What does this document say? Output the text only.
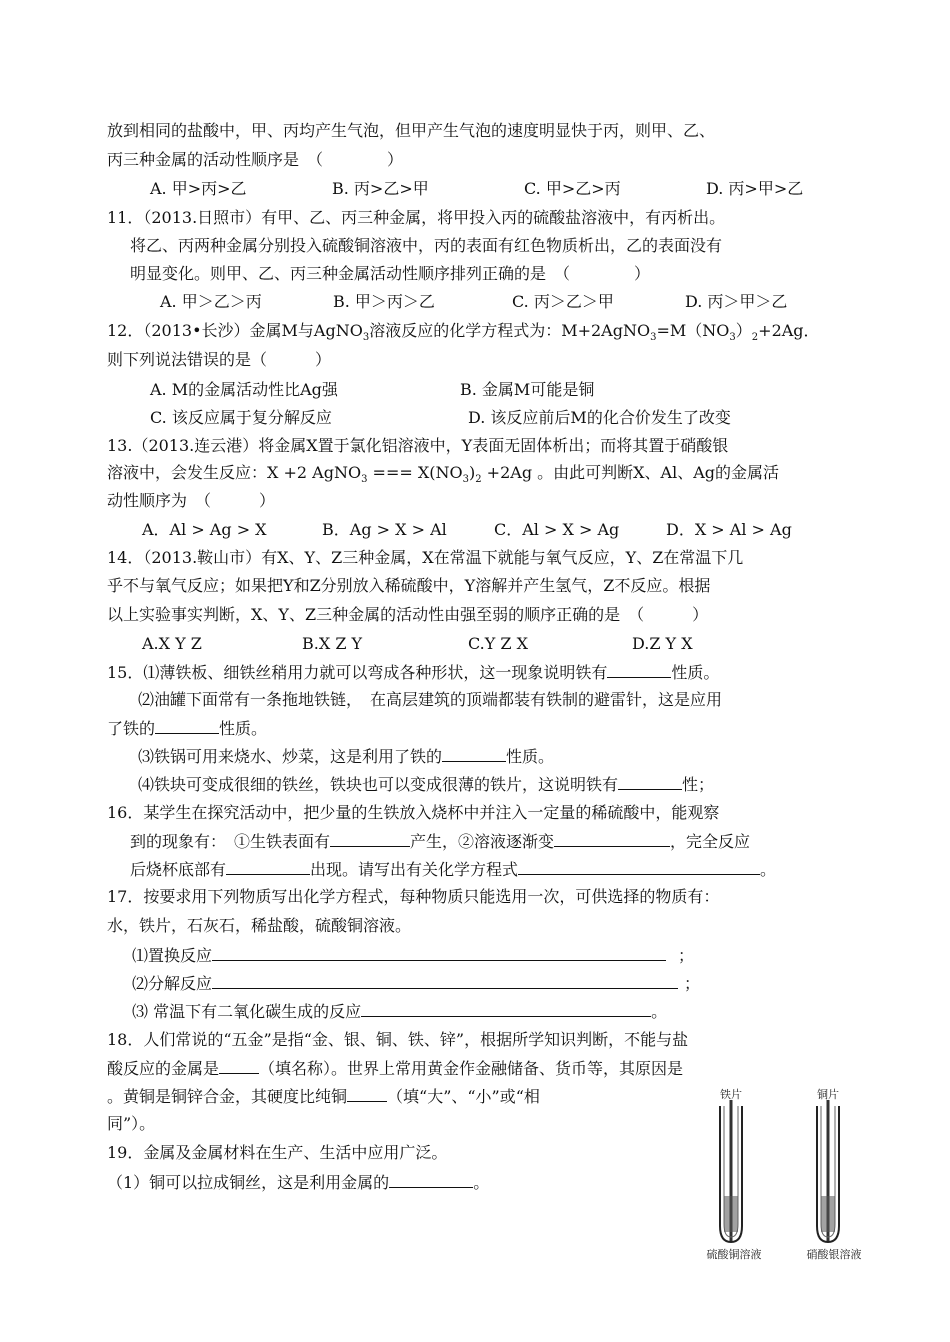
放到相同的盐酸中，甲、丙均产生气泡，但甲产生气泡的速度明显快于丙，则甲、乙、
丙三种金属的活动性顺序是　（　　　　）
A. 甲>丙>乙	B. 丙>乙>甲	C. 甲>乙>丙	D. 丙>甲>乙
11．（2013.日照市）有甲、乙、丙三种金属，将甲投入丙的硫酸盐溶液中，有丙析出。
将乙、丙两种金属分别投入硫酸铜溶液中，丙的表面有红色物质析出，乙的表面没有
明显变化。则甲、乙、丙三种金属活动性顺序排列正确的是　（　　　　）
A. 甲＞乙＞丙	B. 甲＞丙＞乙	C. 丙＞乙＞甲	D. 丙＞甲＞乙
12．（2013•长沙）金属M与AgNO$_3$溶液反应的化学方程式为：$M+2AgNO_3=M(NO_3)_2+2Ag$．
则下列说法错误的是（　　　）
A. M的金属活动性比Ag强	B. 金属M可能是铜
C. 该反应属于复分解反应	D. 该反应前后M的化合价发生了改变
13.（2013.连云港）将金属X置于氯化铝溶液中，Y表面无固体析出；而将其置于硝酸银
溶液中，会发生反应：X +2 AgNO$_3$ === $X(NO_3)_2 +2Ag$ 。由此可判断X、Al、Ag的金属活
动性顺序为　（　　　）
A．Al > Ag > X	B．Ag > X > Al	C．Al > X > Ag	D．X > Al > Ag
14．（2013.鞍山市）有X、Y、Z三种金属，X在常温下就能与氧气反应，Y、Z在常温下几
乎不与氧气反应；如果把Y和Z分别放入稀硫酸中，Y溶解并产生氢气，Z不反应。根据
以上实验事实判断，X、Y、Z三种金属的活动性由强至弱的顺序正确的是　（　　　）
A.X Y Z	B.X Z Y	C.Y Z X	D.Z Y X
15．⑴薄铁板、细铁丝稍用力就可以弯成各种形状，这一现象说明铁有	性质。
⑵油罐下面常有一条拖地铁链，　在高层建筑的顶端都装有铁制的避雷针，这是应用
了铁的	性质。
⑶铁锅可用来烧水、炒菜，这是利用了铁的	性质。
⑷铁块可变成很细的铁丝，铁块也可以变成很薄的铁片，这说明铁有	性；
16．某学生在探究活动中，把少量的生铁放入烧杯中并注入一定量的稀硫酸中，能观察
到的现象有：　①生铁表面有	产生，②溶液逐渐变	，完全反应
后烧杯底部有	出现。请写出有关化学方程式	。
17．按要求用下列物质写出化学方程式，每种物质只能选用一次，可供选择的物质有：
水，铁片，石灰石，稀盐酸，硫酸铜溶液。
⑴置换反应	；
⑵分解反应	；
⑶ 常温下有二氧化碳生成的反应	。
18．人们常说的“五金”是指“金、银、铜、铁、锌”，根据所学知识判断，不能与盐
酸反应的金属是	（填名称）。世界上常用黄金作金融储备、货币等，其原因是
。黄铜是铜锌合金，其硬度比纯铜	（填“大”、“小”或“相
同”）。
19．金属及金属材料在生产、生活中应用广泛。
（1）铜可以拉成铜丝，这是利用金属的	。
铁片	铜片
硫酸铜溶液	硝酸银溶液
